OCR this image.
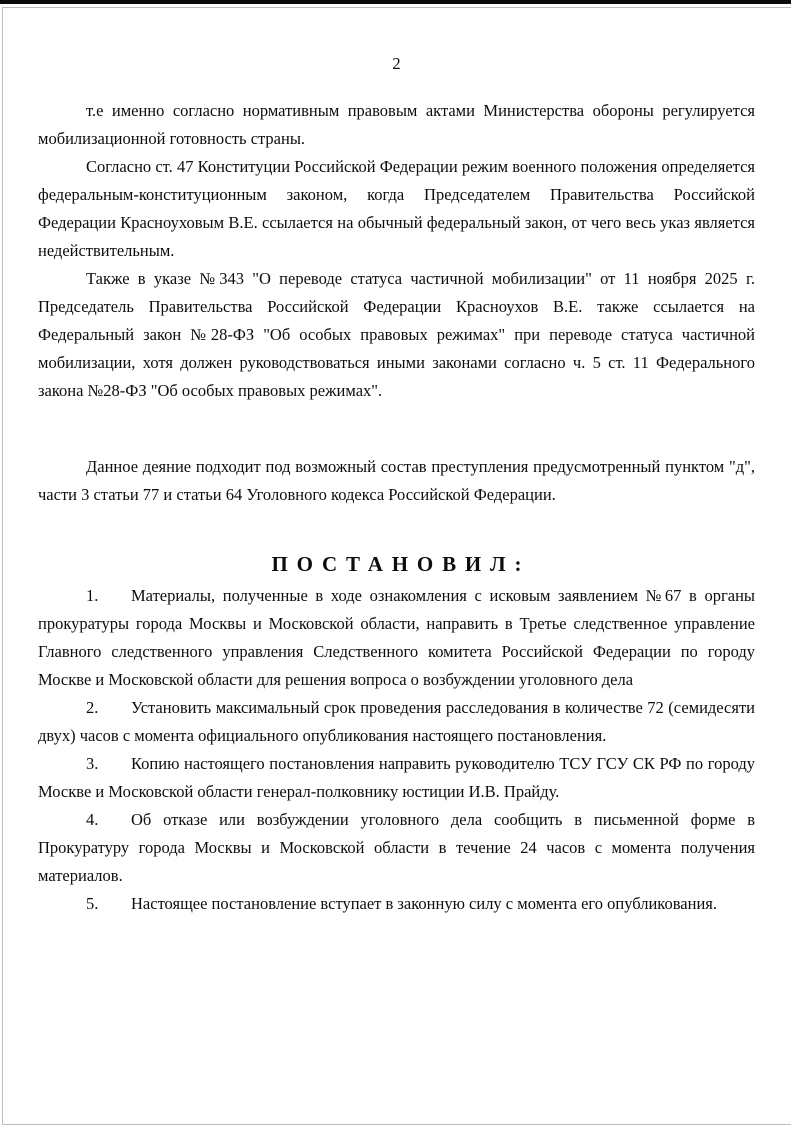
2

т.е именно согласно нормативным правовым актами Министерства обороны регулируется мобилизационной готовность страны.

Согласно ст. 47 Конституции Российской Федерации режим военного положения определяется федеральным-конституционным законом, когда Председателем Правительства Российской Федерации Красноуховым В.Е. ссылается на обычный федеральный закон, от чего весь указ является недействительным.

Также в указе №343 "О переводе статуса частичной мобилизации" от 11 ноября 2025 г. Председатель Правительства Российской Федерации Красноухов В.Е. также ссылается на Федеральный закон №28-ФЗ "Об особых правовых режимах" при переводе статуса частичной мобилизации, хотя должен руководствоваться иными законами согласно ч. 5 ст. 11 Федерального закона №28-ФЗ "Об особых правовых режимах".

Данное деяние подходит под возможный состав преступления предусмотренный пунктом "д", части 3 статьи 77 и статьи 64 Уголовного кодекса Российской Федерации.

ПОСТАНОВИЛ:

1. Материалы, полученные в ходе ознакомления с исковым заявлением №67 в органы прокуратуры города Москвы и Московской области, направить в Третье следственное управление Главного следственного управления Следственного комитета Российской Федерации по городу Москве и Московской области для решения вопроса о возбуждении уголовного дела

2. Установить максимальный срок проведения расследования в количестве 72 (семидесяти двух) часов с момента официального опубликования настоящего постановления.

3. Копию настоящего постановления направить руководителю ТСУ ГСУ СК РФ по городу Москве и Московской области генерал-полковнику юстиции И.В. Прайду.

4. Об отказе или возбуждении уголовного дела сообщить в письменной форме в Прокуратуру города Москвы и Московской области в течение 24 часов с момента получения материалов.

5. Настоящее постановление вступает в законную силу с момента его опубликования.
